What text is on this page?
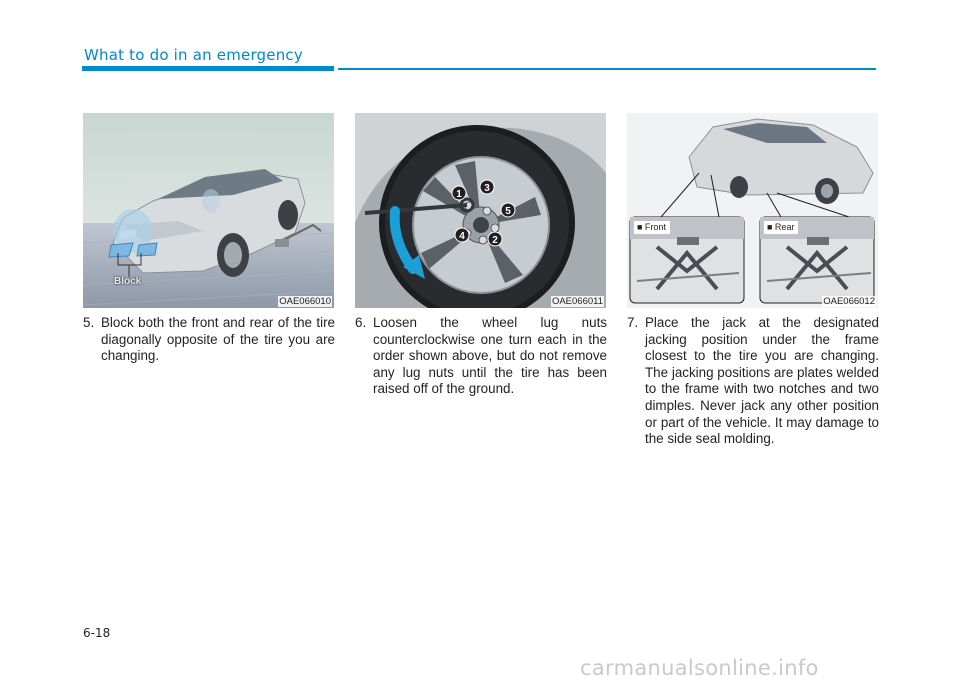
What to do in an emergency
Block
OAE066010
1
2
3
4
5
OAE066011
■ Front	■ Rear
OAE066012
5. Block both the front and rear of the tire diagonally opposite of the tire you are changing.
6. Loosen the wheel lug nuts counterclockwise one turn each in the order shown above, but do not remove any lug nuts until the tire has been raised off of the ground.
7. Place the jack at the designated jacking position under the frame closest to the tire you are changing. The jacking positions are plates welded to the frame with two notches and two dimples. Never jack any other position or part of the vehicle. It may damage to the side seal molding.
6-18
carmanualsonline.info
